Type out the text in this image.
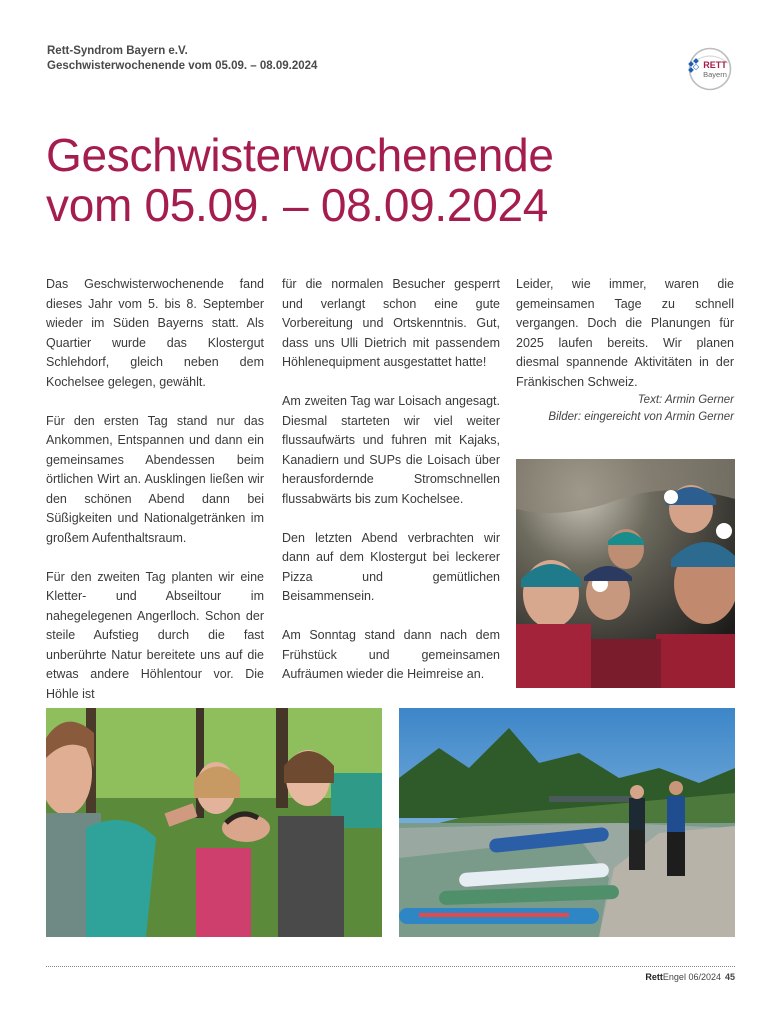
Rett-Syndrom Bayern e.V.
Geschwisterwochenende vom 05.09. – 08.09.2024	RETT
Bayern
Geschwisterwochenende
vom 05.09. – 08.09.2024

Das Geschwisterwochenende fand dieses Jahr vom 5. bis 8. September wieder im Süden Bayerns statt. Als Quartier wurde das Klostergut Schlehdorf, gleich neben dem Kochelsee gelegen, gewählt.

Für den ersten Tag stand nur das Ankommen, Entspannen und dann ein gemeinsames Abendessen beim örtlichen Wirt an. Ausklingen ließen wir den schönen Abend dann bei Süßigkeiten und Nationalgetränken im großem Aufenthaltsraum.

Für den zweiten Tag planten wir eine Kletter- und Abseiltour im nahegelegenen Angerlloch. Schon der steile Aufstieg durch die fast unberührte Natur bereitete uns auf die etwas andere Höhlentour vor. Die Höhle ist

für die normalen Besucher gesperrt und verlangt schon eine gute Vorbereitung und Ortskenntnis. Gut, dass uns Ulli Dietrich mit passendem Höhlenequipment ausgestattet hatte!

Am zweiten Tag war Loisach angesagt. Diesmal starteten wir viel weiter flussaufwärts und fuhren mit Kajaks, Kanadiern und SUPs die Loisach über herausfordernde Stromschnellen flussabwärts bis zum Kochelsee.

Den letzten Abend verbrachten wir dann auf dem Klostergut bei leckerer Pizza und gemütlichen Beisammensein.

Am Sonntag stand dann nach dem Frühstück und gemeinsamen Aufräumen wieder die Heimreise an.

Leider, wie immer, waren die gemeinsamen Tage zu schnell vergangen. Doch die Planungen für 2025 laufen bereits. Wir planen diesmal spannende Aktivitäten in der Fränkischen Schweiz.

Text: Armin Gerner

Bilder: eingereicht von Armin Gerner

RettEngel 06/2024 45
